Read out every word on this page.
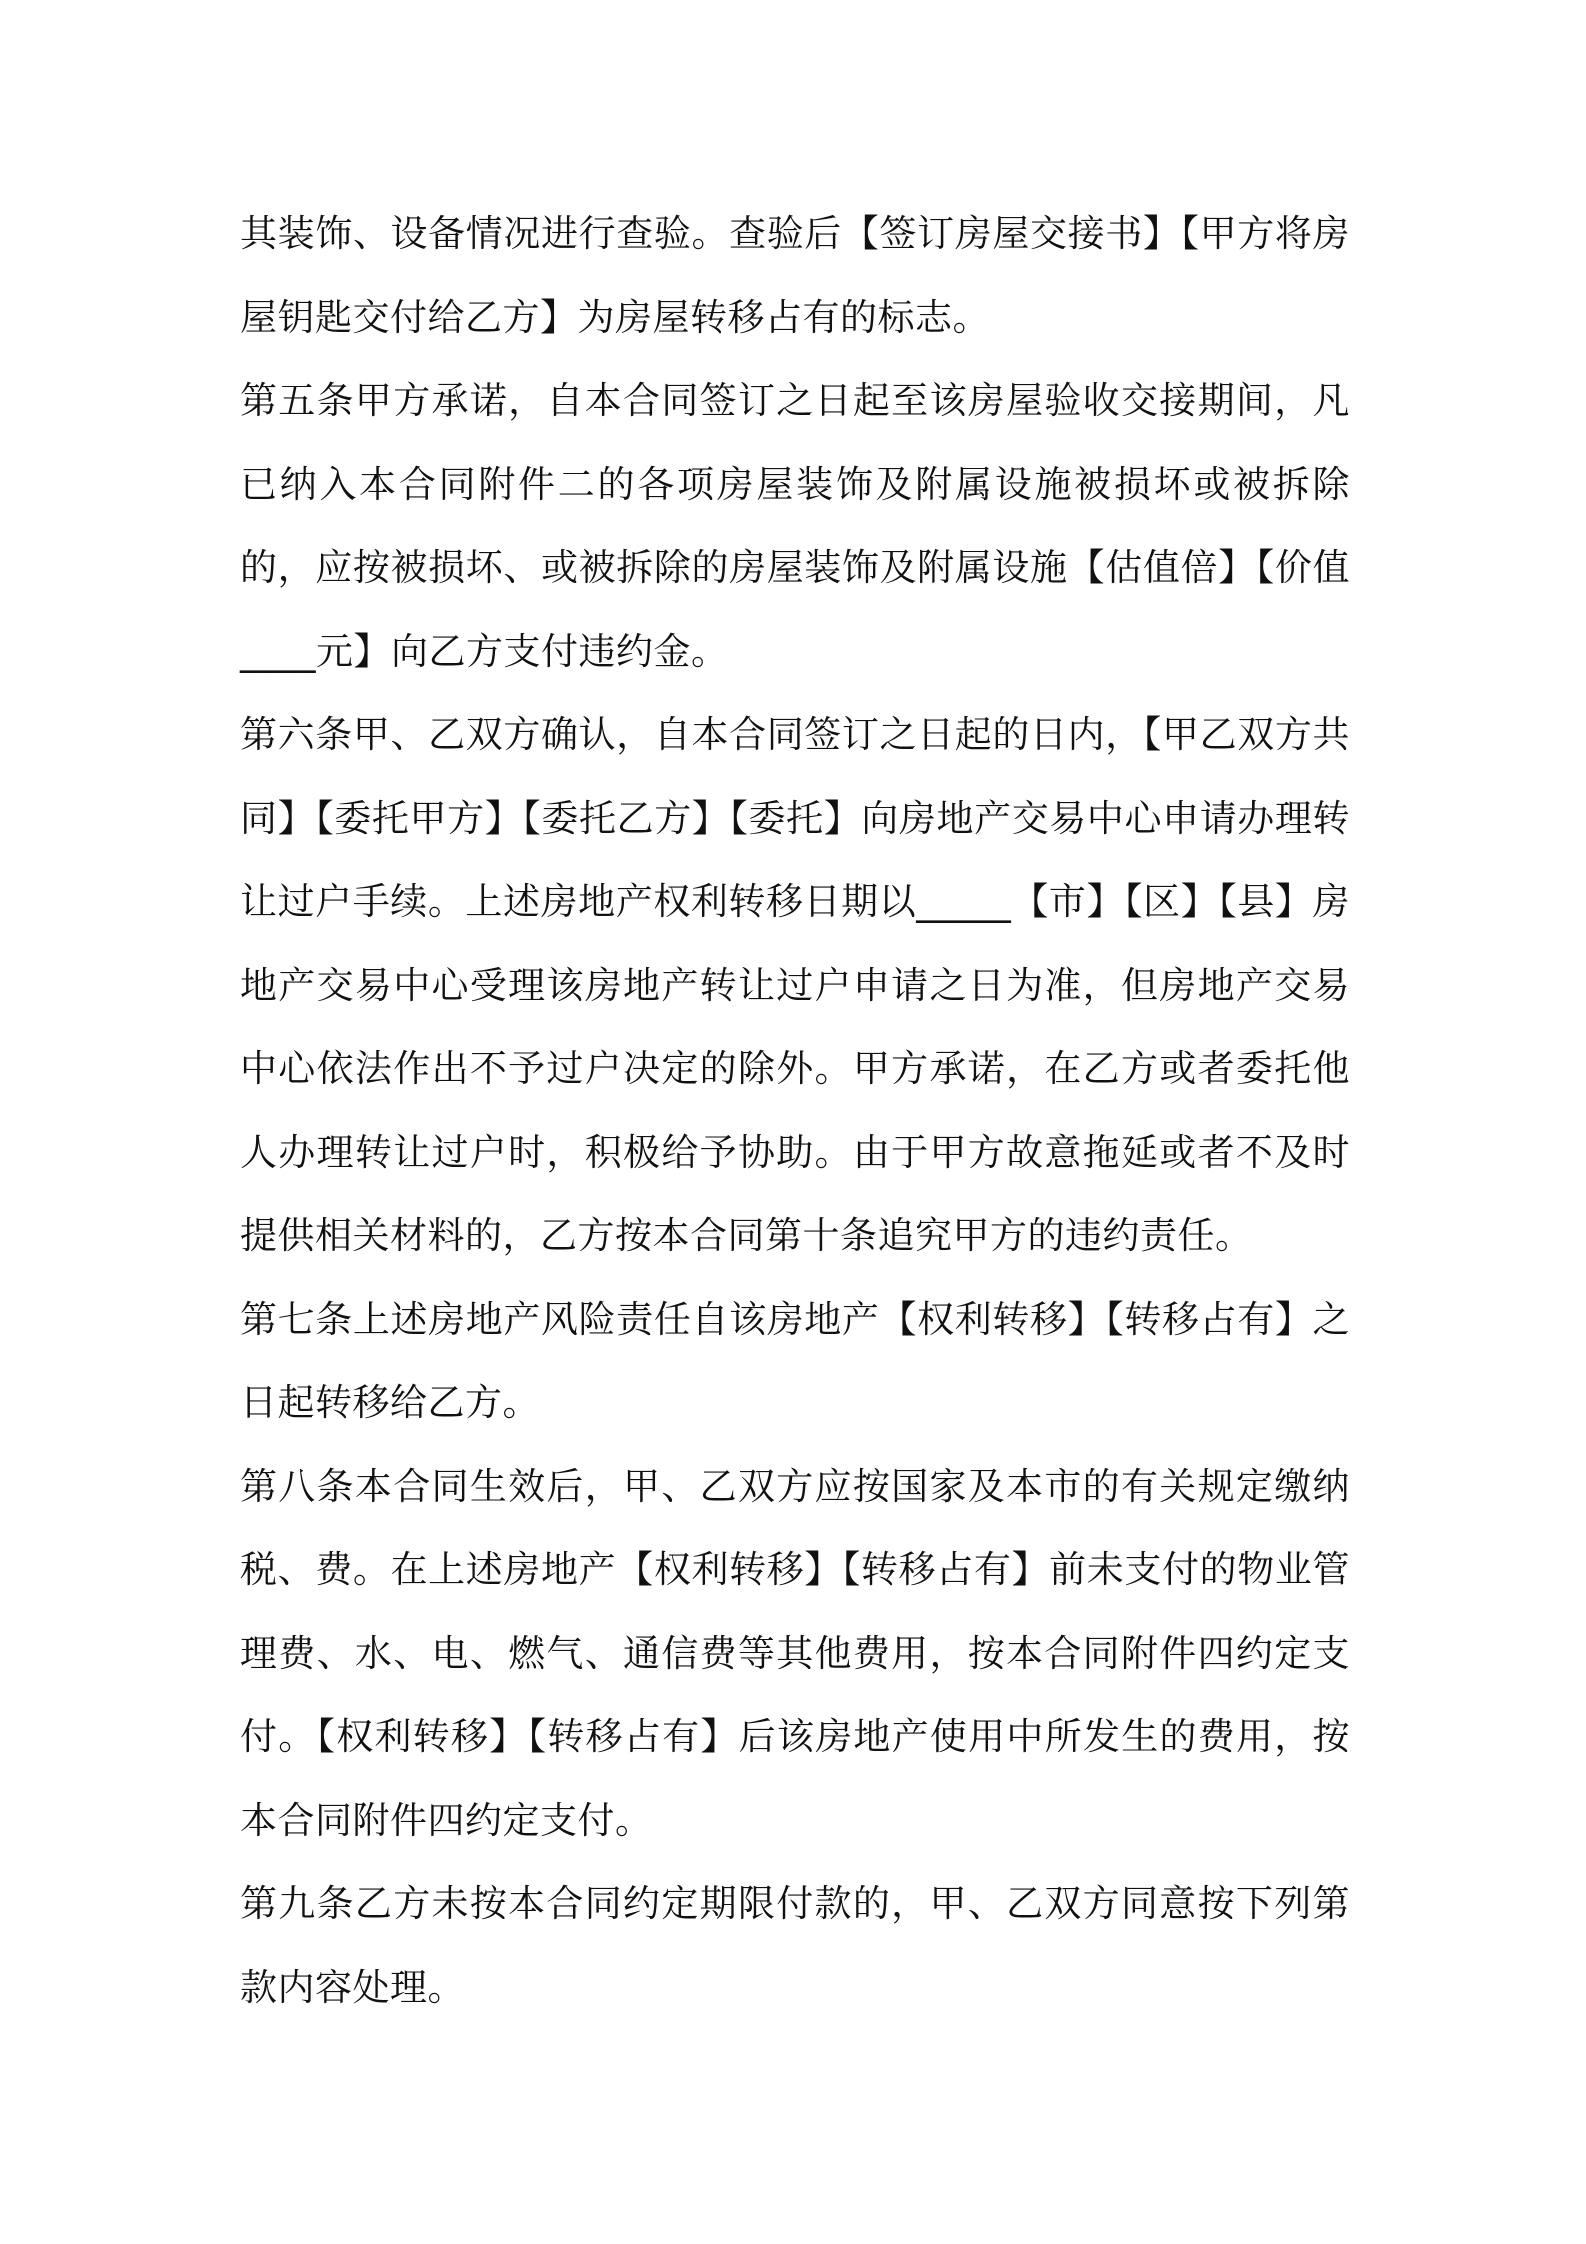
其装饰、设备情况进行查验。查验后【签订房屋交接书】【甲方将房屋钥匙交付给乙方】为房屋转移占有的标志。

第五条甲方承诺，自本合同签订之日起至该房屋验收交接期间，凡已纳入本合同附件二的各项房屋装饰及附属设施被损坏或被拆除的，应按被损坏、或被拆除的房屋装饰及附属设施【估值倍】【价值____元】向乙方支付违约金。

第六条甲、乙双方确认，自本合同签订之日起的日内，【甲乙双方共同】【委托甲方】【委托乙方】【委托】向房地产交易中心申请办理转让过户手续。上述房地产权利转移日期以_____【市】【区】【县】房地产交易中心受理该房地产转让过户申请之日为准，但房地产交易中心依法作出不予过户决定的除外。甲方承诺，在乙方或者委托他人办理转让过户时，积极给予协助。由于甲方故意拖延或者不及时提供相关材料的，乙方按本合同第十条追究甲方的违约责任。

第七条上述房地产风险责任自该房地产【权利转移】【转移占有】之日起转移给乙方。

第八条本合同生效后，甲、乙双方应按国家及本市的有关规定缴纳税、费。在上述房地产【权利转移】【转移占有】前未支付的物业管理费、水、电、燃气、通信费等其他费用，按本合同附件四约定支付。【权利转移】【转移占有】后该房地产使用中所发生的费用，按本合同附件四约定支付。

第九条乙方未按本合同约定期限付款的，甲、乙双方同意按下列第款内容处理。
